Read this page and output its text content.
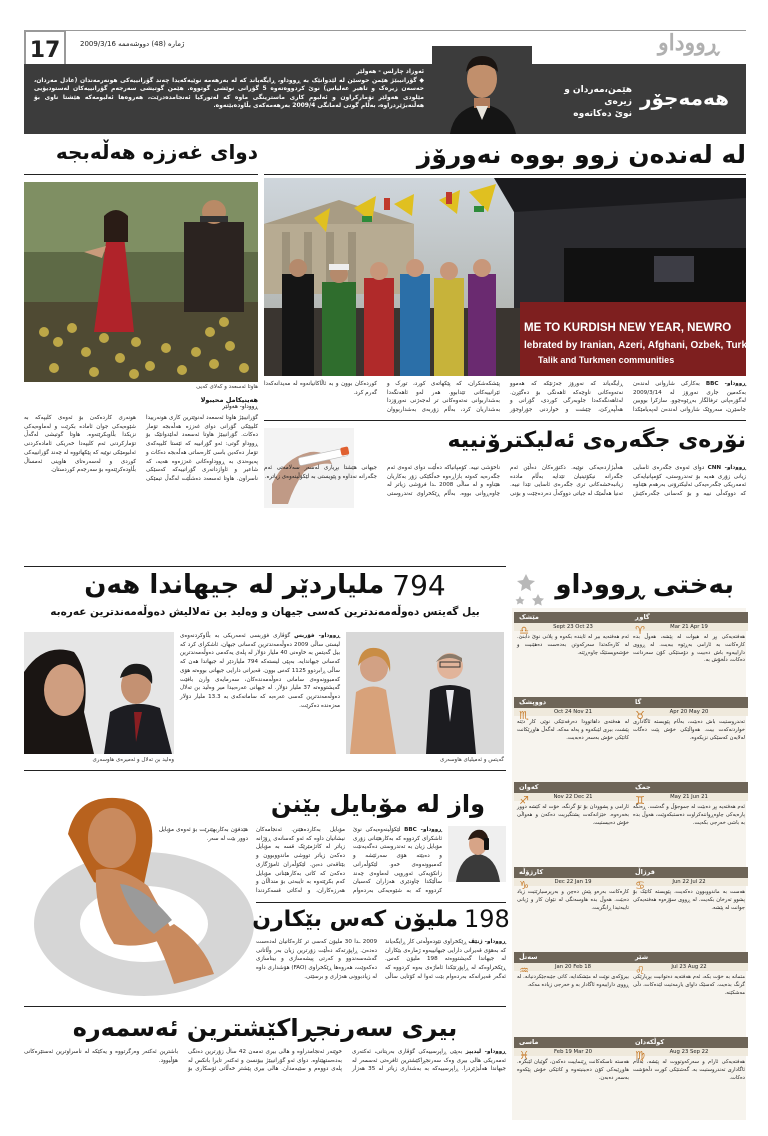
17	ژمارە (48) دووشەممە 2009/3/16	ڕووداو
هەمەجۆر
هێمن،مەردان و زیرەی
نوێ دەکاتەوە
ئەوزاد چارلس - هەولێر
◆ گۆرانیبێژ هێمن حوسێن لە لێدوانێک بە ڕووداو، ڕایگەیاند کە لە بەرهەمە نوێیەکەیدا چەند گۆرانییەکی هونەرمەندان (عادل مەردان، حەسەن زیرەک و تاهیر عەلیاس) نوێ کردووەتەوە 5 گۆرانی نوێشی گوتووە. هێمن گوتیشی سەرجەم گۆرانییەکان لەستودیۆیی مێلودی هەولێر تۆمارکراون و ئەلبوم کاری ماسترینگی ماوە کە لەتورکیا ئەنجامدەدرێت، هەروەها ئەلبومەکە هێشتا ناوی بۆ هەڵنەبژێردراوە، بەڵام گوتی لەمانگی 2009/4 بەرهەمەکەی بڵاودەبێتەوە.
لە لەندەن زوو بووە نەورۆز
ME TO KURDISH NEW YEAR, NEWRO
lebrated by Iranian, Azeri, Afghani, Ozbek, Turks,
Talik and Turkmen communities
ڕووداو- BBC بەکارکی شاروانی لەندەن بەکەمین جاری نەورۆز لە 2009/3/14 لەگۆرەپانی ترفالگار بەڕێوەچوو. سازکرا بووبین جاسێرن، سەروێک شاروانی لەندەن لەپەیامێکدا ڕایگەیاند کە نەورۆز جەژنێکە کە هەموو نەتەوەکانی ناوچەکە ئاهەنگی بۆ دەگێڕن. لەئاهەنگەکەدا جلوبەرگی کوردی، گۆرانی و هەڵپەڕکێ، چێشت و خواردنی جۆراوجۆر پێشکەشکران، کە پێکهاتەی کورد، تورک و ئێرانییەکانی تێدابوو. هەر لەو ئاهەنگەدا بەشداربوانی نەتەوەکانی تر لەجەژنی نەورۆزدا بەشداریان کرد، بەڵام زۆربەی بەشداربووان کوردەکان بوون و بە ئاڵاکانیانەوە لە مەیدانەکەدا گەرم کرد.
دوای غەززە هەڵەبجە
هاوتا ئەسعەد و کەلای کەیی
هەینیکامل محیبولا
ڕووداو- هەولێر
گۆرانیبێژ هاوتا ئەسعەد لەنوێترین کاری هونەرییدا کلیپێکی گۆرانی دوای غەززە هەڵەبجە تۆمار دەکات. گۆرانیبێژ هاوتا ئەسعەد لەلێدوانێک بۆ ڕووداو گوتی: ئەو گۆرانییە کە ئێستا کلیپەکەی تۆمار دەکەین باسی کارەساتی هەڵەبجە دەکات و پەیوەندی بە ڕووداوەکانی غەززەوە هەیە، کە شاعیر و ئاوازدانەری گۆرانییەکە کەسێکی ناسراون. هاوتا ئەسعەد دەشڵێت لەگەڵ تیمێکی هونەری کاردەکەن بۆ ئەوەی کلیپەکە بە شێوەیەکی جوان ئامادە بکرێت و لەماوەیەکی نزیکدا بڵاوبکرێتەوە. هاوتا گوتیشی لەگەڵ تۆمارکردنی ئەم کلیپەدا خەریکی ئامادەکردنی ئەلبومێکی نوێیە کە پێکهاتووە لە چەند گۆرانییەکی کوردی و لەسەرەتای هاوینی ئەمساڵ بڵاودەکرێتەوە بۆ سەرجەم کوردستان.
نۆرەی جگەرەی ئەلیکترۆنییە
ڕووداو- CNN دوای ئەوەی جگەرەی ئاسایی زیانی زۆری هەیە بۆ تەندروستی، کۆمپانیایەکی ئەمەریکی جگەرەیەکی ئەلیکترۆنی بەرهەم هێناوە کە دووکەڵی نییە و بۆ کەسانی جگەرەکێش هەڵبژاردەیەکی نوێیە. دکتۆرەکان دەڵێن ئەم جگەرانە نیکۆتینیان تێدایە بەڵام ماددە زیانبەخشەکانی تری جگەرەی ئاسایی تێدا نییە. تەنیا هەڵمێک لە جیاتی دووکەڵ دەردەچێت و بۆنی ناخۆشی نییە. کۆمپانیاکە دەڵێت دوای ئەوەی ئەم جگەرەیە کەوتە بازاڕەوە خەڵکێکی زۆر بەکاریان هێناوە و لە ساڵی 2008 ـدا فرۆشی زیاتر لە چاوەڕوانی بووە. بەڵام ڕێکخراوی تەندروستی جیهانی هێشتا بڕیاری لەسەر سەلامەتی ئەم جگەرانە نەداوە و پێویستی بە لێکۆڵینەوەی زیاترە.
794
ملیاردێر لە جیهاندا هەن
بیل گەیتس دەوڵەمەندترین کەسی جیهان و وەلید بن تەلالیش دەوڵەمەندترین عەرەبە
گەیتس و ئەمیلیای هاوسەری
وەلید بن تەلال و ئەمیرەی هاوسەری
ڕووداو- فۆربس گۆڤاری فۆربسی ئەمەریکی بە بڵاوکردنەوەی لیستی ساڵی 2009 دەوڵەمەندترین کەسانی جیهان، ئاشکرای کرد کە بیل گەیتس بە خاوەنی 40 ملیار دۆلار لە پلەی یەکەمی دەوڵەمەندترین کەسانی جیهاندایە. بەپێی لیستەکە 794 ملیاردێر لە جیهاندا هەن کە ساڵی ڕابردوو 1125 کەس بوون. قەیرانی دارایی جیهانی بووەتە هۆی کەمبوونەوەی سامانی دەوڵەمەندەکان، سەرمایەی وارن بافێت گەیشتووەتە 37 ملیار دۆلار. لە جیهانی عەرەبیدا میر وەلید بن تەلال دەوڵەمەندترین کەسی عەرەبە کە سامانەکەی بە 13.3 ملیار دۆلار مەزەندە دەکرێت.
واز لە مۆبایل بێنن
ڕووداو- BBC لێکۆڵینەوەیەکی نوێ ئاشکرای کردووە کە بەکارهێنانی زۆری مۆبایل زیان بە تەندروستی دەگەیەنێت و دەبێتە هۆی سەرئێشە و کەمبوونەوەی خەو. لێکۆڵەرانی زانکۆیەکی ئەوروپی لەماوەی چەند ساڵێکدا چاودێری هەزاران کەسیان کردووە کە بە شێوەیەکی بەردەوام مۆبایل بەکاردەهێنن. ئەنجامەکان نیشانیان داوە کە ئەو کەسانەی ڕۆژانە زیاتر لە کاتژمێرێک قسە بە مۆبایل دەکەن زیاتر تووشی ماندووبوون و بێتاقەتی دەبن. لێکۆڵەران ئامۆژگاری دەکەن کە کاتی بەکارهێنانی مۆبایل کەم بکرێتەوە بە تایبەتی بۆ منداڵان و هەرزەکاران، و لەکاتی قسەکردندا هێدفۆن بەکاربهێنرێت بۆ ئەوەی مۆبایل دوور بێت لە سەر.
198
ملیۆن کەس بێکارن
ڕووداو- ژنێڤ ڕێکخراوی نێودەوڵەتی کار ڕایگەیاند کە بەهۆی قەیرانی دارایی جیهانییەوە ژمارەی بێکاران لە جیهاندا گەیشتووەتە 198 ملیۆن کەس. ڕێکخراوەکە لە ڕاپۆرتێکدا ئاماژەی بەوە کردووە کە ئەگەر قەیرانەکە بەردەوام بێت ئەوا لە کۆتایی ساڵی 2009 ـدا 30 ملیۆن کەسی تر کارەکانیان لەدەست دەدەن. ڕاپۆرتەکە دەڵێت زۆرترین زیان بەر وڵاتانی گەشەسەندوو و کەرتی پیشەسازی و بیناسازی دەکەوێت، هەروەها ڕێکخراوی (FAO) هۆشداری داوە لە زیادبوونی هەژاری و برسێتی.
بیری سەرنجڕاکێشترین ئەسمەرە
ڕووداو- لیدیپز بەپێی ڕاپرسییەکی گۆڤاری بەریتانی، ئەکتەری ئەمەریکی هالی بیری وەک سەرنجڕاکێشترین ئافرەتی ئەسمەر لە جیهاندا هەڵبژێردرا. ڕاپرسییەکە بە بەشداری زیاتر لە 35 هەزار خوێنەر ئەنجامدراوە و هالی بیری تەمەن 42 ساڵ زۆرترین دەنگی بەدەستهێناوە. دوای ئەو گۆرانیبێژ بیۆنسێ و ئەکتەر تایرا بانکس لە پلەی دووەم و سێیەمدان. هالی بیری پێشتر خەڵاتی ئۆسکاری بۆ باشترین ئەکتەر وەرگرتووە و یەکێکە لە ناسراوترین ئەستێرەکانی هۆڵیوود.
بەختی ڕووداو
گاوڕ
Mar 21 Apr 19
♈
هەفتەیەکی پڕ لە هیوات لە پێشە، هەوڵ بدە کارەکانت بە ئارامی بەڕێوە ببەیت. لە ڕووی داراییەوە باش دەبیت و دۆستێکی کۆن سەردانت دەکات، دڵخۆش بە.
مێشک
Sept 23 Oct 23
♎
ئەم هەفتەیە بیر لە ئایندە بکەوە و پلانی نوێ دابنێ. لە کارەکەتدا سەرکەوتن بەدەست دەهێنیت و خۆشەویستێک چاوەڕێتە.
گا
Apr 20 May 20
♉
تەندروستیت باش دەبێت، بەڵام پێویستە ئاگاداری خواردنەکەت بیت. هەواڵێکی خۆش پێت دەگات لەلایەن کەسێکی نزیکەوە.
دووپشک
Oct 24 Nov 21
♏
لە هەفتەی داهاتوودا دەرفەتێکی نوێی کار دێتە پێشت، بیری لێبکەوە و پەلە مەکە. لەگەڵ هاوڕێکانت کاتێکی خۆش بەسەر دەبەیت.
جمک
May 21 Jun 21
♊
ئەم هەفتەیە پڕ دەبێت لە جموجۆڵ و گەشت. ڕەنگە پارەیەکی چاوەڕواننەکراوت دەستبکەوێت، هەوڵ بدە بە باشی خەرجی بکەیت.
کەوان
Nov 22 Dec 21
♐
ئارامی و پشوودان بۆ تۆ گرنگە، خۆت لە کێشە دوور بخەرەوە. خێزانەکەت پشتگیریت دەکەن و هەواڵی خۆش دەبیستیت.
قرژاڵ
Jun 22 Jul 22
♋
هەست بە ماندووبوون دەکەیت، پێویستە کاتێک بۆ پشوو تەرخان بکەیت. لە ڕووی سۆزەوە هەفتەیەکی جوانت لە پێشە.
کارژۆڵە
Dec 22 Jan 19
♑
کارەکانت بەرەو پێش دەچن و بەرپرسیارێتیت زیاد دەبێت. هەوڵ بدە هاوسەنگی لە نێوان کار و ژیانی تایبەتیدا ڕابگریت.
شێر
Jul 23 Aug 22
♌
متمانە بە خۆت بکە، ئەم هەفتەیە دەتوانیت بڕیارێکی گرنگ بدەیت. کەسێک داوای یارمەتیت لێدەکات، دڵی مەشکێنە.
سەتڵ
Jan 20 Feb 18
♒
بیرۆکەی نوێت لە مێشکدایە، کاتی جێبەجێکردنیانە. لە ڕووی داراییەوە ئاگادار بە و خەرجی زیادە مەکە.
کوڵکەدان
Aug 23 Sep 22
♍
هەفتەیەکی ئارام و سەرکەوتووت لە پێشە، بەڵام ئاگاداری تەندروستیت بە. گەشتێکی کورت دڵخۆشت دەکات.
ماسی
Feb 19 Mar 20
♓
هەستە ناسکەکانت ڕێنماییت دەکەن، گوێیان لێبگرە. هاوڕێیەکی کۆن دەبینیتەوە و کاتێکی خۆش پێکەوە بەسەر دەبەن.
